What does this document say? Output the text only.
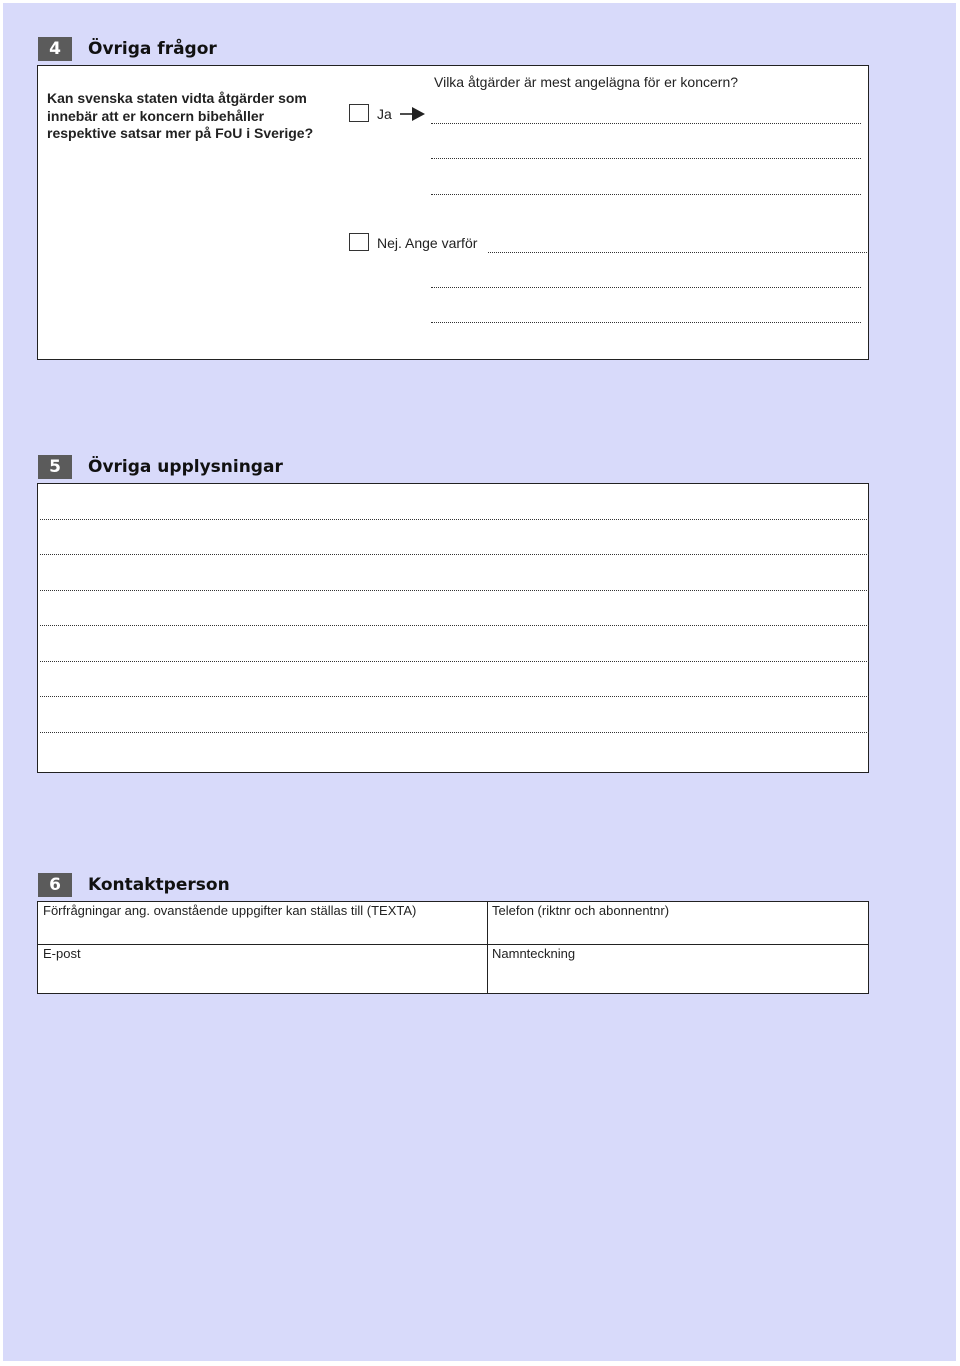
4	Övriga frågor
Kan svenska staten vidta åtgärder som innebär att er koncern bibehåller respektive satsar mer på FoU i Sverige?
Ja
Vilka åtgärder är mest angelägna för er koncern?
Nej. Ange varför
5	Övriga upplysningar
6	Kontaktperson
Förfrågningar ang. ovanstående uppgifter kan ställas till (TEXTA)	Telefon (riktnr och abonnentnr)
E-post	Namnteckning
